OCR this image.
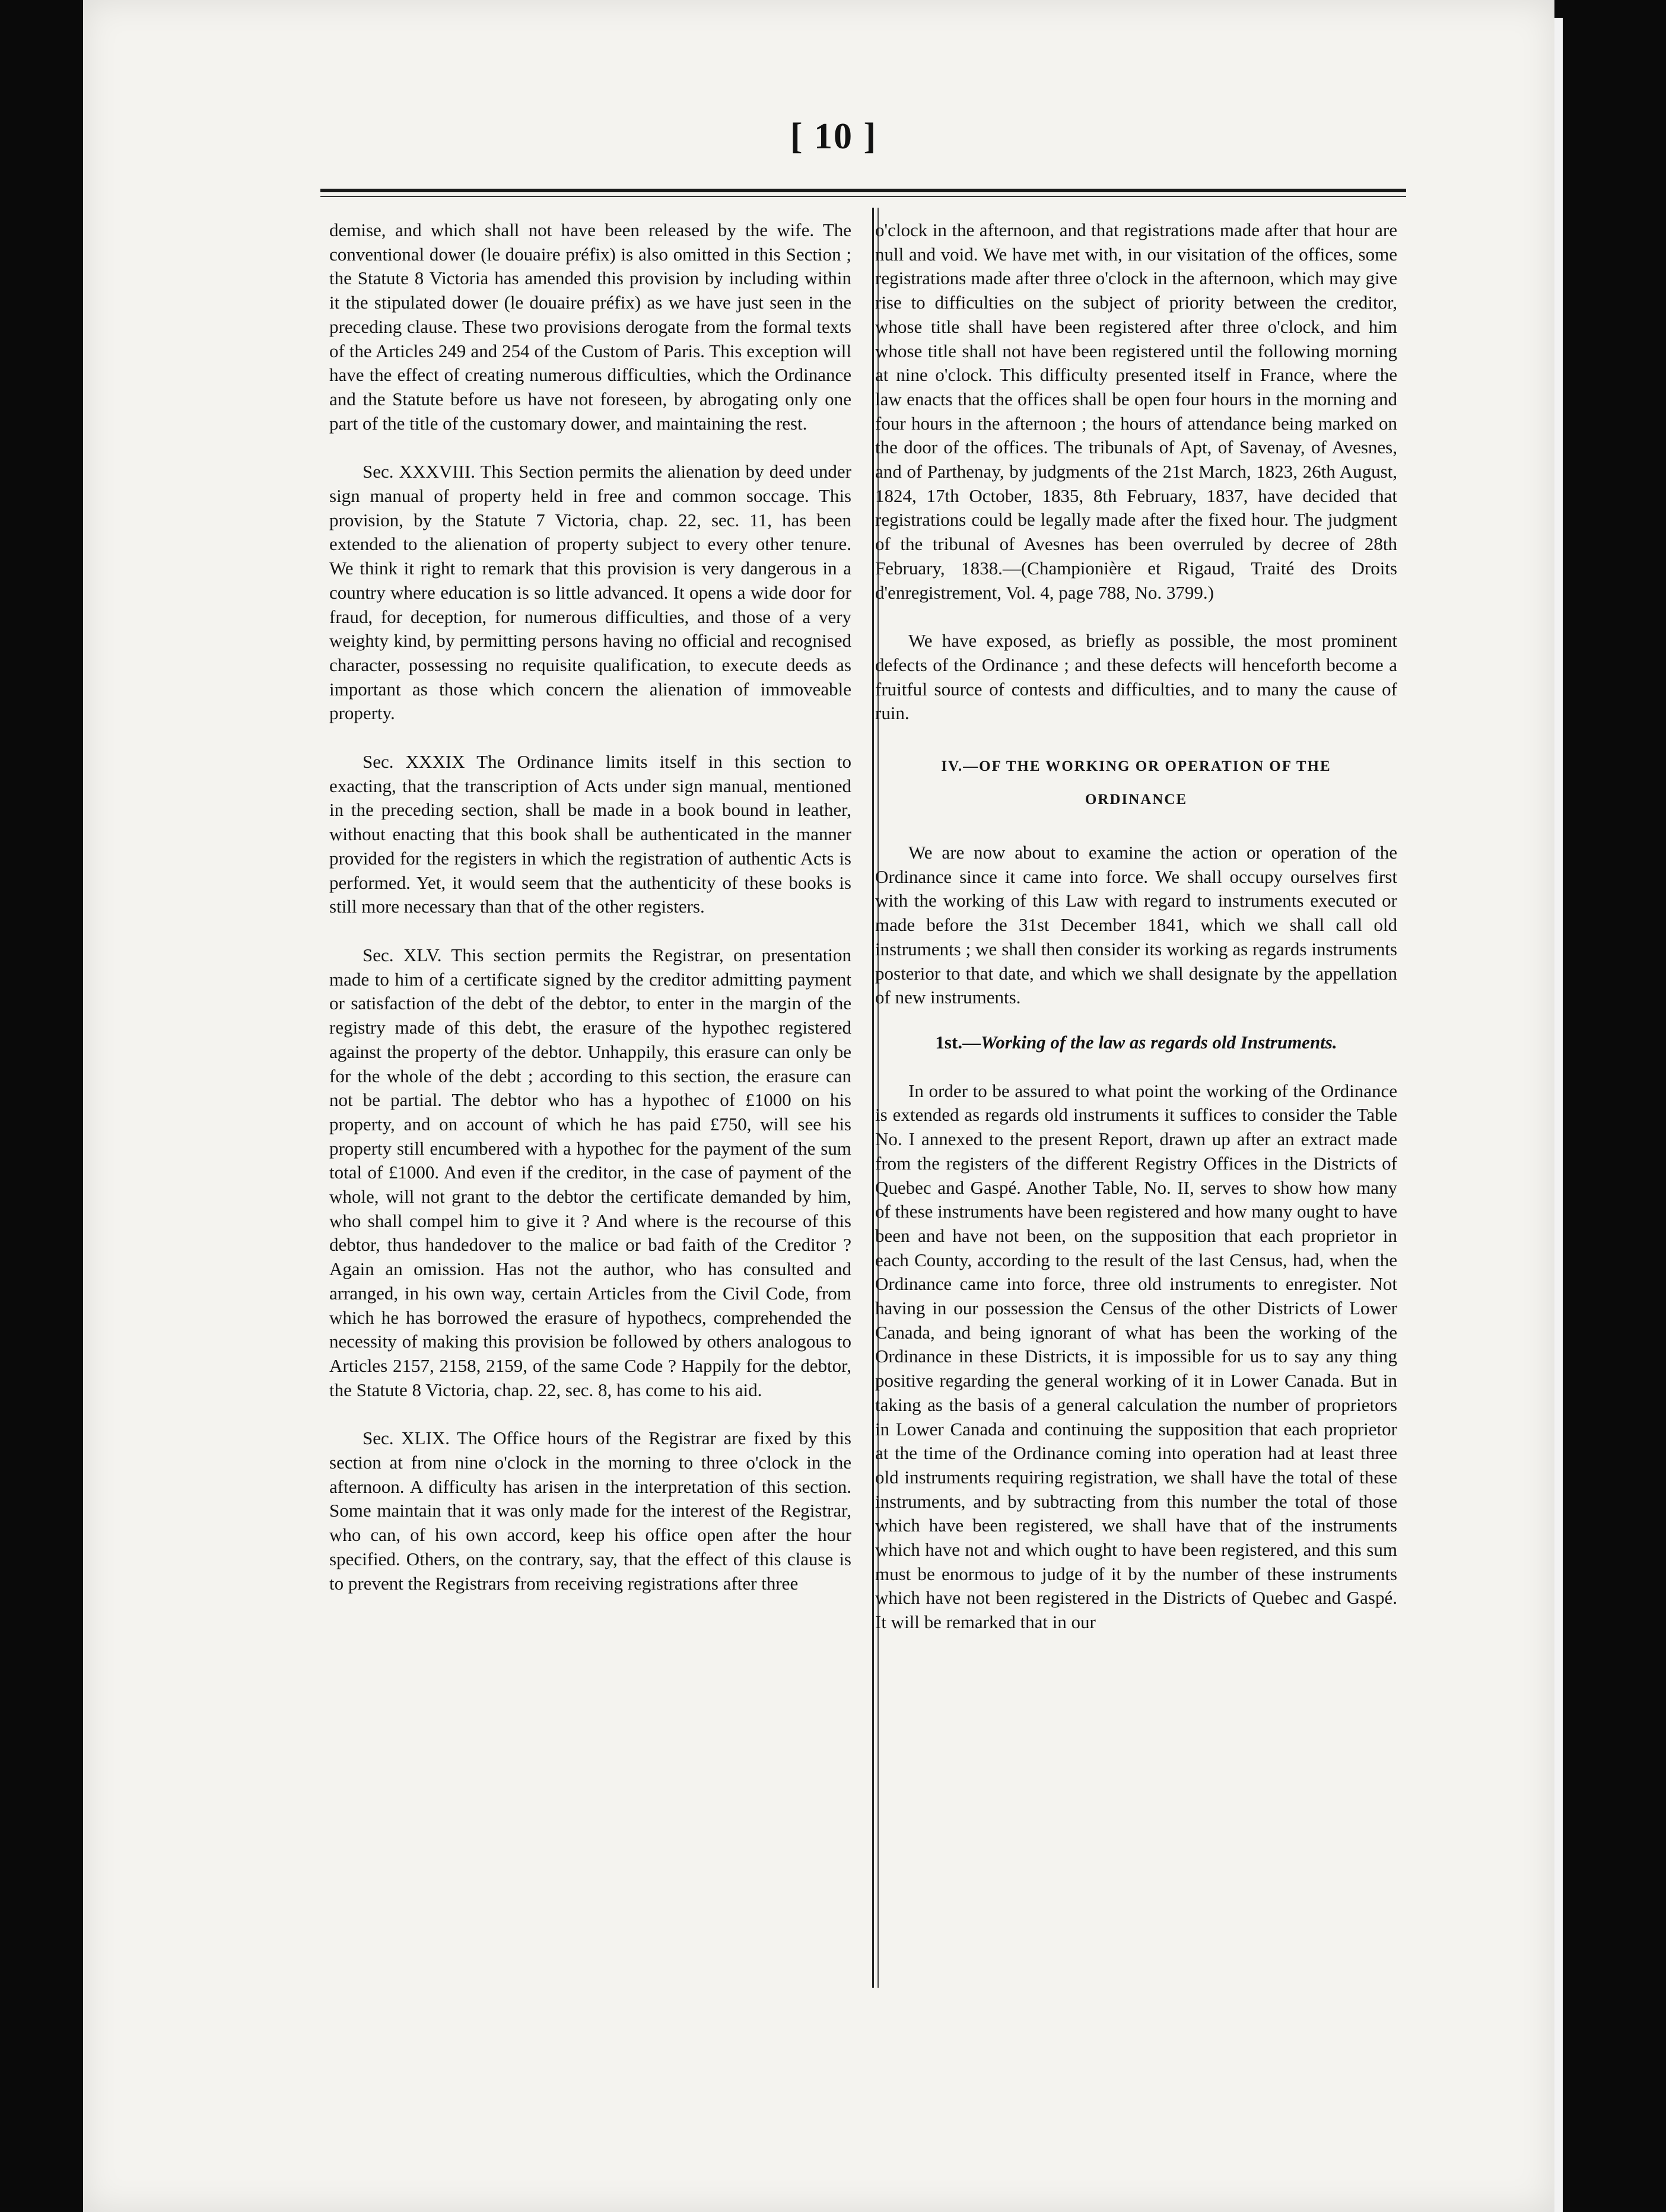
[ 10 ]

demise, and which shall not have been released by the wife. The conventional dower (le douaire préfix) is also omitted in this Section ; the Statute 8 Victoria has amended this provision by including within it the stipulated dower (le douaire préfix) as we have just seen in the preceding clause. These two provisions derogate from the formal texts of the Articles 249 and 254 of the Custom of Paris. This exception will have the effect of creating numerous difficulties, which the Ordinance and the Statute before us have not foreseen, by abrogating only one part of the title of the customary dower, and maintaining the rest.

Sec. XXXVIII. This Section permits the alienation by deed under sign manual of property held in free and common soccage. This provision, by the Statute 7 Victoria, chap. 22, sec. 11, has been extended to the alienation of property subject to every other tenure. We think it right to remark that this provision is very dangerous in a country where education is so little advanced. It opens a wide door for fraud, for deception, for numerous difficulties, and those of a very weighty kind, by permitting persons having no official and recognised character, possessing no requisite qualification, to execute deeds as important as those which concern the alienation of immoveable property.

Sec. XXXIX The Ordinance limits itself in this section to exacting, that the transcription of Acts under sign manual, mentioned in the preceding section, shall be made in a book bound in leather, without enacting that this book shall be authenticated in the manner provided for the registers in which the registration of authentic Acts is performed. Yet, it would seem that the authenticity of these books is still more necessary than that of the other registers.

Sec. XLV. This section permits the Registrar, on presentation made to him of a certificate signed by the creditor admitting payment or satisfaction of the debt of the debtor, to enter in the margin of the registry made of this debt, the erasure of the hypothec registered against the property of the debtor. Unhappily, this erasure can only be for the whole of the debt ; according to this section, the erasure can not be partial. The debtor who has a hypothec of £1000 on his property, and on account of which he has paid £750, will see his property still encumbered with a hypothec for the payment of the sum total of £1000. And even if the creditor, in the case of payment of the whole, will not grant to the debtor the certificate demanded by him, who shall compel him to give it ? And where is the recourse of this debtor, thus handedover to the malice or bad faith of the Creditor ? Again an omission. Has not the author, who has consulted and arranged, in his own way, certain Articles from the Civil Code, from which he has borrowed the erasure of hypothecs, comprehended the necessity of making this provision be followed by others analogous to Articles 2157, 2158, 2159, of the same Code ? Happily for the debtor, the Statute 8 Victoria, chap. 22, sec. 8, has come to his aid.

Sec. XLIX. The Office hours of the Registrar are fixed by this section at from nine o'clock in the morning to three o'clock in the afternoon. A difficulty has arisen in the interpretation of this section. Some maintain that it was only made for the interest of the Registrar, who can, of his own accord, keep his office open after the hour specified. Others, on the contrary, say, that the effect of this clause is to prevent the Registrars from receiving registrations after three

o'clock in the afternoon, and that registrations made after that hour are null and void. We have met with, in our visitation of the offices, some registrations made after three o'clock in the afternoon, which may give rise to difficulties on the subject of priority between the creditor, whose title shall have been registered after three o'clock, and him whose title shall not have been registered until the following morning at nine o'clock. This difficulty presented itself in France, where the law enacts that the offices shall be open four hours in the morning and four hours in the afternoon ; the hours of attendance being marked on the door of the offices. The tribunals of Apt, of Savenay, of Avesnes, and of Parthenay, by judgments of the 21st March, 1823, 26th August, 1824, 17th October, 1835, 8th February, 1837, have decided that registrations could be legally made after the fixed hour. The judgment of the tribunal of Avesnes has been overruled by decree of 28th February, 1838.—(Championière et Rigaud, Traité des Droits d'enregistrement, Vol. 4, page 788, No. 3799.)

We have exposed, as briefly as possible, the most prominent defects of the Ordinance ; and these defects will henceforth become a fruitful source of contests and difficulties, and to many the cause of ruin.

IV.—OF THE WORKING OR OPERATION OF THE
ORDINANCE

We are now about to examine the action or operation of the Ordinance since it came into force. We shall occupy ourselves first with the working of this Law with regard to instruments executed or made before the 31st December 1841, which we shall call old instruments ; we shall then consider its working as regards instruments posterior to that date, and which we shall designate by the appellation of new instruments.

1st.—Working of the law as regards old Instruments.

In order to be assured to what point the working of the Ordinance is extended as regards old instruments it suffices to consider the Table No. I annexed to the present Report, drawn up after an extract made from the registers of the different Registry Offices in the Districts of Quebec and Gaspé. Another Table, No. II, serves to show how many of these instruments have been registered and how many ought to have been and have not been, on the supposition that each proprietor in each County, according to the result of the last Census, had, when the Ordinance came into force, three old instruments to enregister. Not having in our possession the Census of the other Districts of Lower Canada, and being ignorant of what has been the working of the Ordinance in these Districts, it is impossible for us to say any thing positive regarding the general working of it in Lower Canada. But in taking as the basis of a general calculation the number of proprietors in Lower Canada and continuing the supposition that each proprietor at the time of the Ordinance coming into operation had at least three old instruments requiring registration, we shall have the total of these instruments, and by subtracting from this number the total of those which have been registered, we shall have that of the instruments which have not and which ought to have been registered, and this sum must be enormous to judge of it by the number of these instruments which have not been registered in the Districts of Quebec and Gaspé. It will be remarked that in our
